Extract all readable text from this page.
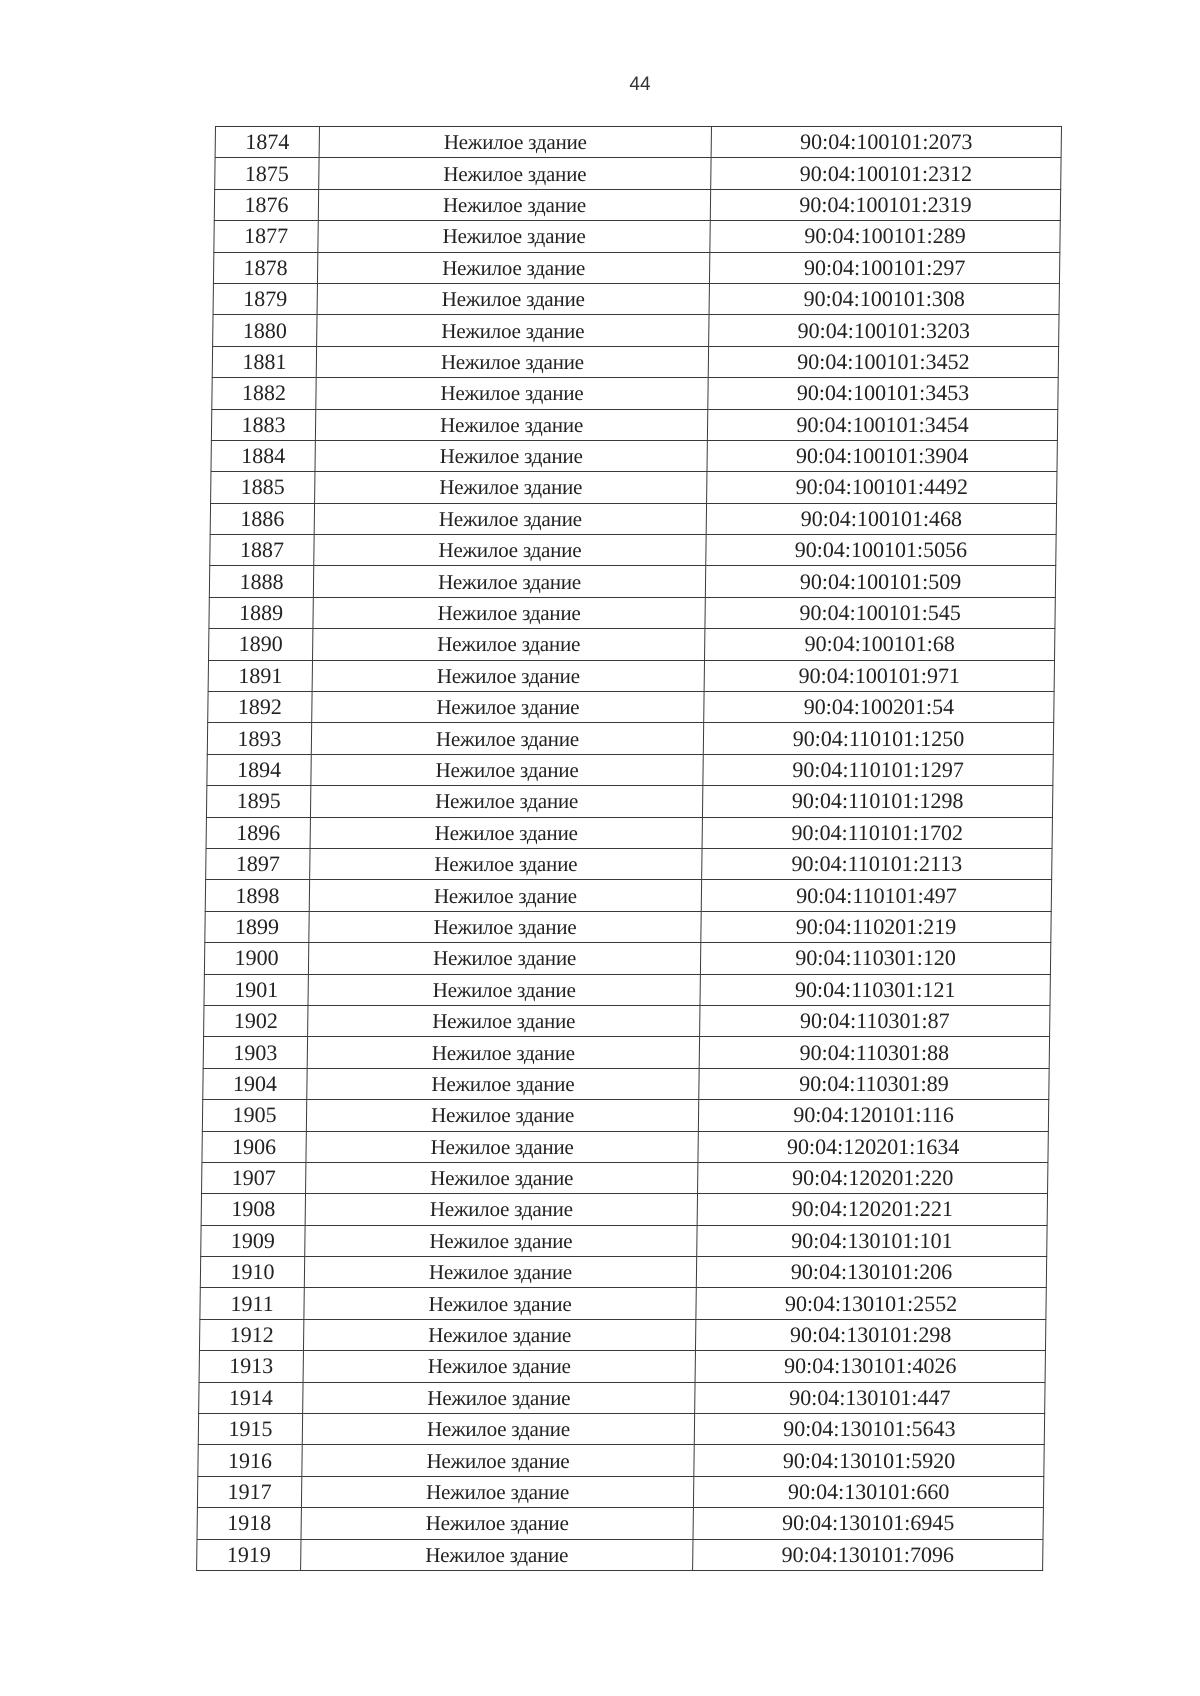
44
1874	Нежилое здание	90:04:100101:2073
1875	Нежилое здание	90:04:100101:2312
1876	Нежилое здание	90:04:100101:2319
1877	Нежилое здание	90:04:100101:289
1878	Нежилое здание	90:04:100101:297
1879	Нежилое здание	90:04:100101:308
1880	Нежилое здание	90:04:100101:3203
1881	Нежилое здание	90:04:100101:3452
1882	Нежилое здание	90:04:100101:3453
1883	Нежилое здание	90:04:100101:3454
1884	Нежилое здание	90:04:100101:3904
1885	Нежилое здание	90:04:100101:4492
1886	Нежилое здание	90:04:100101:468
1887	Нежилое здание	90:04:100101:5056
1888	Нежилое здание	90:04:100101:509
1889	Нежилое здание	90:04:100101:545
1890	Нежилое здание	90:04:100101:68
1891	Нежилое здание	90:04:100101:971
1892	Нежилое здание	90:04:100201:54
1893	Нежилое здание	90:04:110101:1250
1894	Нежилое здание	90:04:110101:1297
1895	Нежилое здание	90:04:110101:1298
1896	Нежилое здание	90:04:110101:1702
1897	Нежилое здание	90:04:110101:2113
1898	Нежилое здание	90:04:110101:497
1899	Нежилое здание	90:04:110201:219
1900	Нежилое здание	90:04:110301:120
1901	Нежилое здание	90:04:110301:121
1902	Нежилое здание	90:04:110301:87
1903	Нежилое здание	90:04:110301:88
1904	Нежилое здание	90:04:110301:89
1905	Нежилое здание	90:04:120101:116
1906	Нежилое здание	90:04:120201:1634
1907	Нежилое здание	90:04:120201:220
1908	Нежилое здание	90:04:120201:221
1909	Нежилое здание	90:04:130101:101
1910	Нежилое здание	90:04:130101:206
1911	Нежилое здание	90:04:130101:2552
1912	Нежилое здание	90:04:130101:298
1913	Нежилое здание	90:04:130101:4026
1914	Нежилое здание	90:04:130101:447
1915	Нежилое здание	90:04:130101:5643
1916	Нежилое здание	90:04:130101:5920
1917	Нежилое здание	90:04:130101:660
1918	Нежилое здание	90:04:130101:6945
1919	Нежилое здание	90:04:130101:7096
